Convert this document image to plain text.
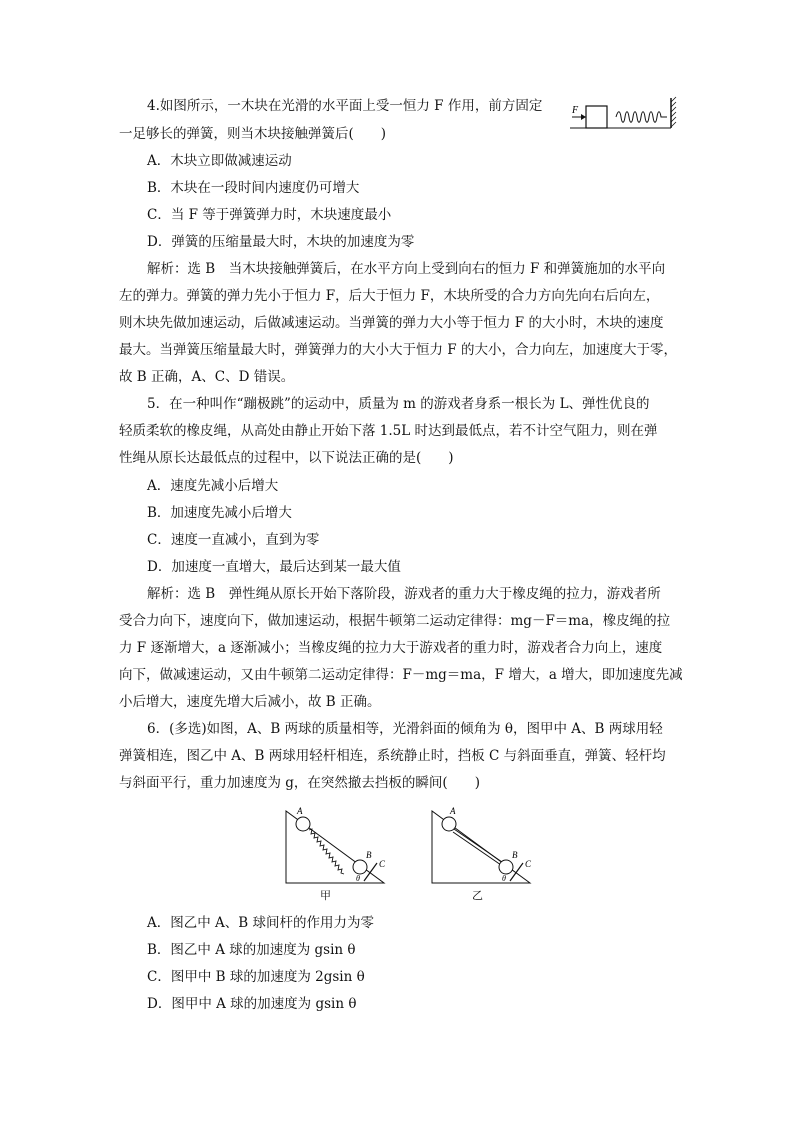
4.如图所示，一木块在光滑的水平面上受一恒力 F 作用，前方固定
一足够长的弹簧，则当木块接触弹簧后(　　)
F
A．木块立即做减速运动
B．木块在一段时间内速度仍可增大
C．当 F 等于弹簧弹力时，木块速度最小
D．弹簧的压缩量最大时，木块的加速度为零
解析：选 B　当木块接触弹簧后，在水平方向上受到向右的恒力 F 和弹簧施加的水平向
左的弹力。弹簧的弹力先小于恒力 F，后大于恒力 F，木块所受的合力方向先向右后向左，
则木块先做加速运动，后做减速运动。当弹簧的弹力大小等于恒力 F 的大小时，木块的速度
最大。当弹簧压缩量最大时，弹簧弹力的大小大于恒力 F 的大小，合力向左，加速度大于零，
故 B 正确，A、C、D 错误。
5．在一种叫作“蹦极跳”的运动中，质量为 m 的游戏者身系一根长为 L、弹性优良的
轻质柔软的橡皮绳，从高处由静止开始下落 1.5L 时达到最低点，若不计空气阻力，则在弹
性绳从原长达最低点的过程中，以下说法正确的是(　　)
A．速度先减小后增大
B．加速度先减小后增大
C．速度一直减小，直到为零
D．加速度一直增大，最后达到某一最大值
解析：选 B　弹性绳从原长开始下落阶段，游戏者的重力大于橡皮绳的拉力，游戏者所
受合力向下，速度向下，做加速运动，根据牛顿第二运动定律得：mg－F＝ma，橡皮绳的拉
力 F 逐渐增大，a 逐渐减小；当橡皮绳的拉力大于游戏者的重力时，游戏者合力向上，速度
向下，做减速运动，又由牛顿第二运动定律得：F－mg＝ma，F 增大，a 增大，即加速度先减
小后增大，速度先增大后减小，故 B 正确。
6．(多选)如图，A、B 两球的质量相等，光滑斜面的倾角为 θ，图甲中 A、B 两球用轻
弹簧相连，图乙中 A、B 两球用轻杆相连，系统静止时，挡板 C 与斜面垂直，弹簧、轻杆均
与斜面平行，重力加速度为 g，在突然撤去挡板的瞬间(　　)
A
B
C
θ
甲
A
B
C
θ
乙
A．图乙中 A、B 球间杆的作用力为零
B．图乙中 A 球的加速度为 gsin θ
C．图甲中 B 球的加速度为 2gsin θ
D．图甲中 A 球的加速度为 gsin θ
